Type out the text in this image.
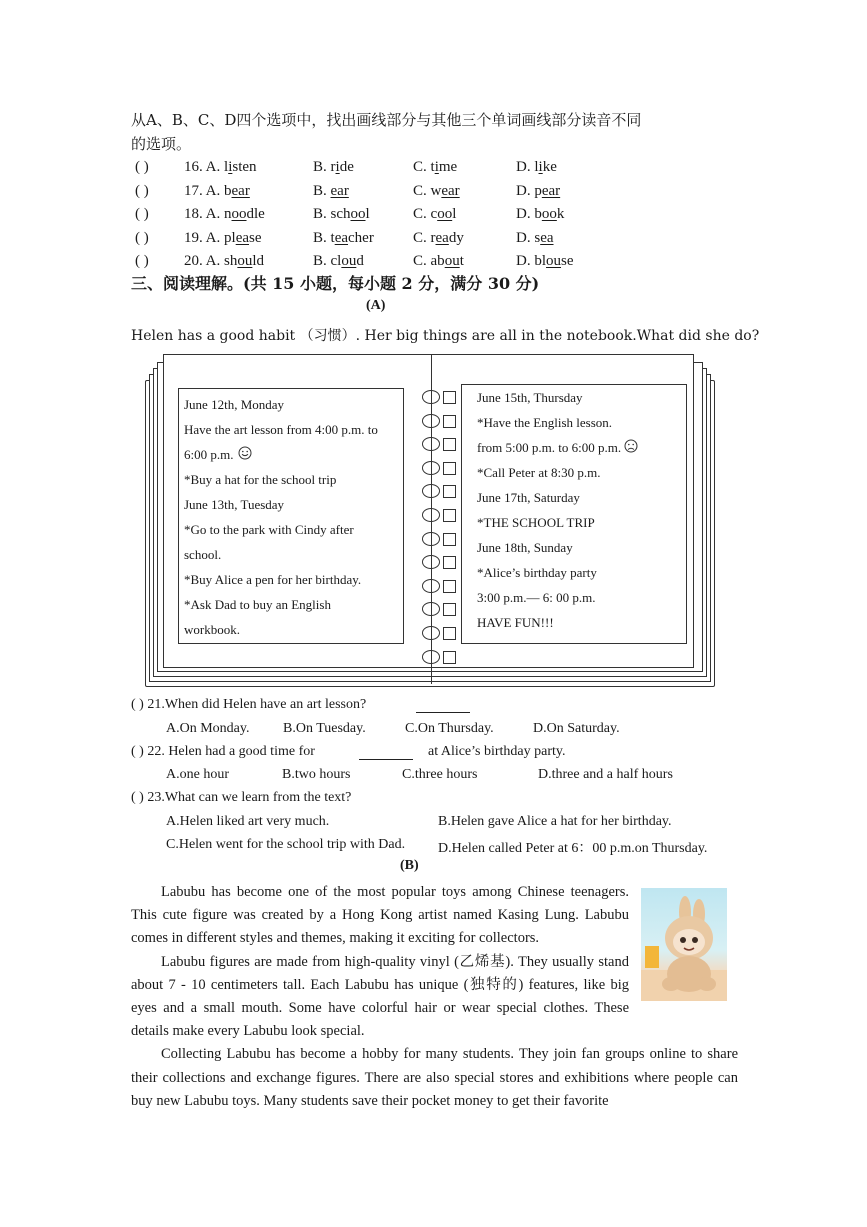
从A、B、C、D四个选项中，找出画线部分与其他三个单词画线部分读音不同
的选项。
( ) 16. A. listen	B. ride	C. time	D. like
( ) 17. A. bear	B. ear	C. wear	D. pear
( ) 18. A. noodle	B. school	C. cool	D. book
( ) 19. A. please	B. teacher	C. ready	D. sea
( ) 20. A. should	B. cloud	C. about	D. blouse
三、阅读理解。(共 15 小题，每小题 2 分，满分 30 分)
(A)
Helen has a good habit （习惯）. Her big things are all in the notebook.What did she do?
June 12th, Monday
Have the art lesson from 4:00 p.m. to
6:00 p.m.
*Buy a hat for the school trip
June 13th, Tuesday
*Go to the park with Cindy after
school.
*Buy Alice a pen for her birthday.
*Ask Dad to buy an English
workbook.
June 15th, Thursday
*Have the English lesson.
from 5:00 p.m. to 6:00 p.m.
*Call Peter at 8:30 p.m.
June 17th, Saturday
*THE SCHOOL TRIP
June 18th, Sunday
*Alice’s birthday party
3:00 p.m.— 6: 00 p.m.
HAVE FUN!!!
( ) 21.When did Helen have an art lesson?
A.On Monday. B.On Tuesday.	C.On Thursday.	D.On Saturday.
( ) 22. Helen had a good time for	at Alice’s birthday party.
A.one hour	B.two hours	C.three hours	D.three and a half hours
( ) 23.What can we learn from the text?
A.Helen liked art very much.	B.Helen gave Alice a hat for her birthday.
C.Helen went for the school trip with Dad. D.Helen called Peter at 6：00 p.m.on Thursday.
(B)

Labubu has become one of the most popular toys among Chinese teenagers. This cute figure was created by a Hong Kong artist named Kasing Lung. Labubu comes in different styles and themes, making it exciting for collectors.

Labubu figures are made from high-quality vinyl (乙烯基). They usually stand about 7 - 10 centimeters tall. Each Labubu has unique (独特的) features, like big eyes and a small mouth. Some have colorful hair or wear special clothes. These details make every Labubu look special.

Collecting Labubu has become a hobby for many students. They join fan groups online to share their collections and exchange figures. There are also special stores and exhibitions where people can buy new Labubu toys. Many students save their pocket money to get their favorite
